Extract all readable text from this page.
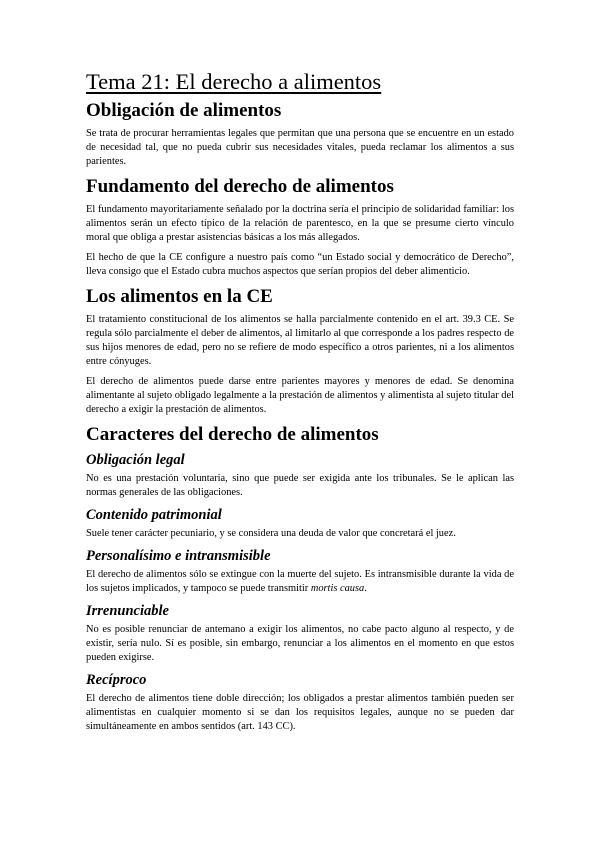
Tema 21: El derecho a alimentos
Obligación de alimentos

Se trata de procurar herramientas legales que permitan que una persona que se encuentre en un estado de necesidad tal, que no pueda cubrir sus necesidades vitales, pueda reclamar los alimentos a sus parientes.

Fundamento del derecho de alimentos

El fundamento mayoritariamente señalado por la doctrina sería el principio de solidaridad familiar: los alimentos serán un efecto típico de la relación de parentesco, en la que se presume cierto vínculo moral que obliga a prestar asistencias básicas a los más allegados.

El hecho de que la CE configure a nuestro país como “un Estado social y democrático de Derecho”, lleva consigo que el Estado cubra muchos aspectos que serían propios del deber alimenticio.

Los alimentos en la CE

El tratamiento constitucional de los alimentos se halla parcialmente contenido en el art. 39.3 CE. Se regula sólo parcialmente el deber de alimentos, al limitarlo al que corresponde a los padres respecto de sus hijos menores de edad, pero no se refiere de modo específico a otros parientes, ni a los alimentos entre cónyuges.

El derecho de alimentos puede darse entre parientes mayores y menores de edad. Se denomina alimentante al sujeto obligado legalmente a la prestación de alimentos y alimentista al sujeto titular del derecho a exigir la prestación de alimentos.

Caracteres del derecho de alimentos
Obligación legal

No es una prestación voluntaria, sino que puede ser exigida ante los tribunales. Se le aplican las normas generales de las obligaciones.

Contenido patrimonial

Suele tener carácter pecuniario, y se considera una deuda de valor que concretará el juez.

Personalísimo e intransmisible

El derecho de alimentos sólo se extingue con la muerte del sujeto. Es intransmisible durante la vida de los sujetos implicados, y tampoco se puede transmitir mortis causa.

Irrenunciable

No es posible renunciar de antemano a exigir los alimentos, no cabe pacto alguno al respecto, y de existir, sería nulo. Sí es posible, sin embargo, renunciar a los alimentos en el momento en que estos pueden exigirse.

Recíproco

El derecho de alimentos tiene doble dirección; los obligados a prestar alimentos también pueden ser alimentistas en cualquier momento si se dan los requisitos legales, aunque no se pueden dar simultáneamente en ambos sentidos (art. 143 CC).
